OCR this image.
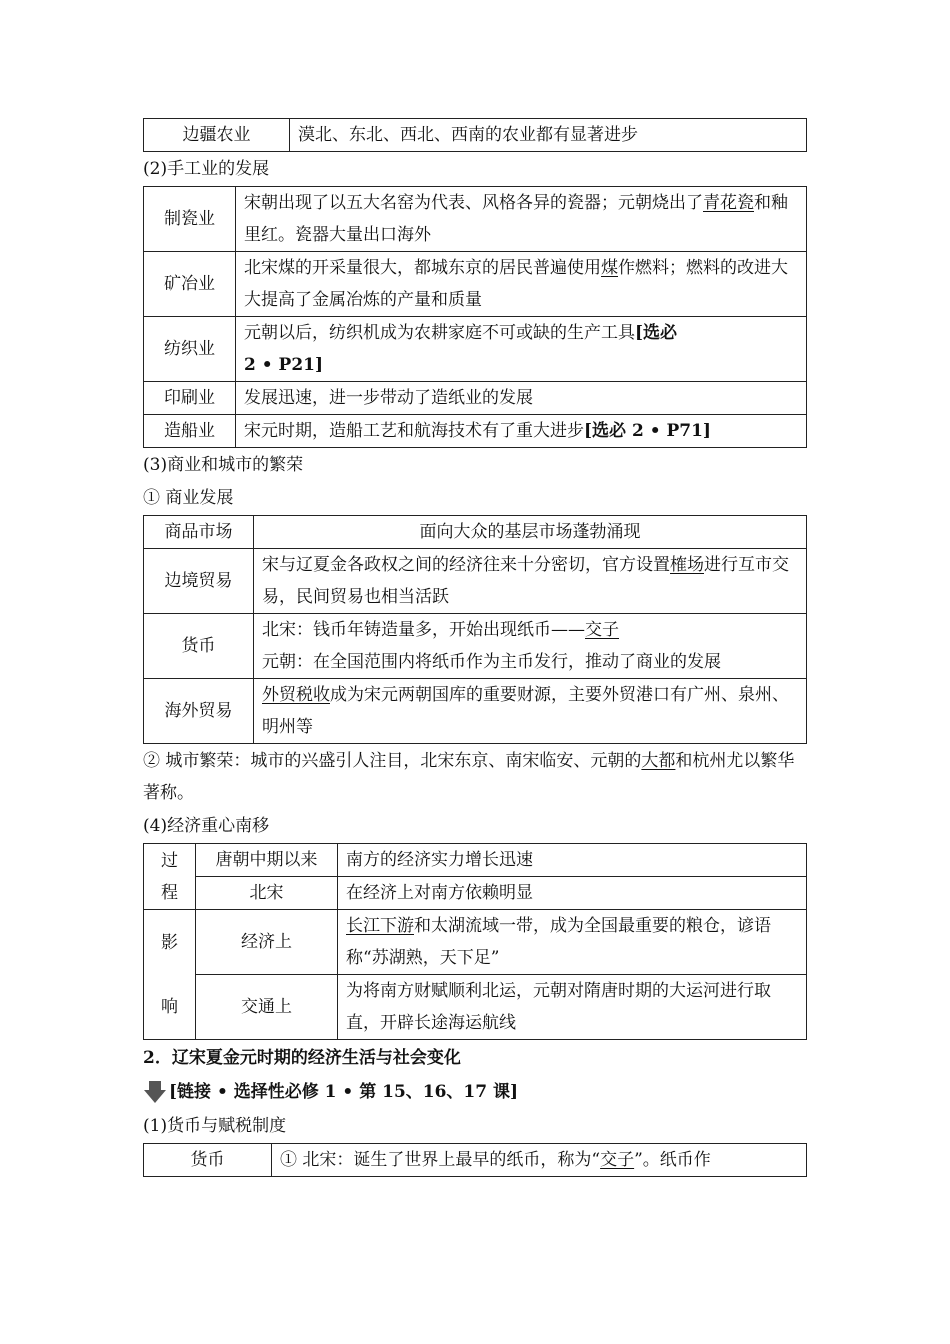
边疆农业	漠北、东北、西北、西南的农业都有显著进步
(2)手工业的发展
制瓷业	宋朝出现了以五大名窑为代表、风格各异的瓷器；元朝烧出了青花瓷和釉里红。瓷器大量出口海外
矿冶业	北宋煤的开采量很大，都城东京的居民普遍使用煤作燃料；燃料的改进大大提高了金属冶炼的产量和质量
纺织业	元朝以后，纺织机成为农耕家庭不可或缺的生产工具[选必
2 • P21]
印刷业	发展迅速，进一步带动了造纸业的发展
造船业	宋元时期，造船工艺和航海技术有了重大进步[选必 2 • P71]
(3)商业和城市的繁荣
① 商业发展
商品市场	面向大众的基层市场蓬勃涌现
边境贸易	宋与辽夏金各政权之间的经济往来十分密切，官方设置榷场进行互市交易，民间贸易也相当活跃
货币	北宋：钱币年铸造量多，开始出现纸币——交子
元朝：在全国范围内将纸币作为主币发行，推动了商业的发展
海外贸易	外贸税收成为宋元两朝国库的重要财源，主要外贸港口有广州、泉州、明州等
② 城市繁荣：城市的兴盛引人注目，北宋东京、南宋临安、元朝的大都和杭州尤以繁华著称。
(4)经济重心南移
过
程	唐朝中期以来	南方的经济实力增长迅速
	北宋	在经济上对南方依赖明显
影

响	经济上	长江下游和太湖流域一带，成为全国最重要的粮仓，谚语称“苏湖熟，天下足”
	交通上	为将南方财赋顺利北运，元朝对隋唐时期的大运河进行取直，开辟长途海运航线
2．辽宋夏金元时期的经济生活与社会变化
[链接 • 选择性必修 1 • 第 15、16、17 课]
(1)货币与赋税制度
货币	① 北宋：诞生了世界上最早的纸币，称为“交子”。纸币作
